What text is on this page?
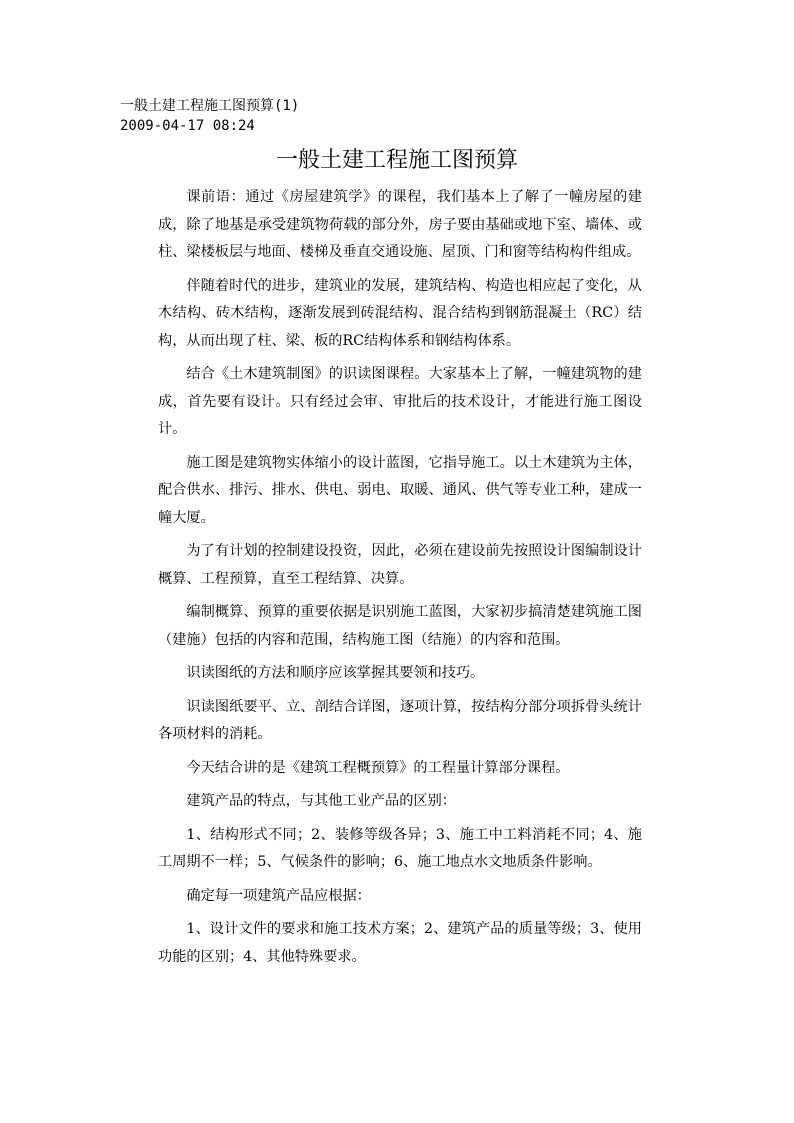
一般土建工程施工图预算(1)
2009-04-17 08:24
一般土建工程施工图预算

课前语：通过《房屋建筑学》的课程，我们基本上了解了一幢房屋的建成，除了地基是承受建筑物荷载的部分外，房子要由基础或地下室、墙体、或柱、梁楼板层与地面、楼梯及垂直交通设施、屋顶、门和窗等结构构件组成。

伴随着时代的进步，建筑业的发展，建筑结构、构造也相应起了变化，从木结构、砖木结构，逐渐发展到砖混结构、混合结构到钢筋混凝土（RC）结构，从而出现了柱、梁、板的RC结构体系和钢结构体系。

结合《土木建筑制图》的识读图课程。大家基本上了解，一幢建筑物的建成，首先要有设计。只有经过会审、审批后的技术设计，才能进行施工图设计。

施工图是建筑物实体缩小的设计蓝图，它指导施工。以土木建筑为主体，配合供水、排污、排水、供电、弱电、取暖、通风、供气等专业工种，建成一幢大厦。

为了有计划的控制建设投资，因此，必须在建设前先按照设计图编制设计概算、工程预算，直至工程结算、决算。

编制概算、预算的重要依据是识别施工蓝图，大家初步搞清楚建筑施工图（建施）包括的内容和范围，结构施工图（结施）的内容和范围。

识读图纸的方法和顺序应该掌握其要领和技巧。

识读图纸要平、立、剖结合详图，逐项计算，按结构分部分项拆骨头统计各项材料的消耗。

今天结合讲的是《建筑工程概预算》的工程量计算部分课程。

建筑产品的特点，与其他工业产品的区别：

1、结构形式不同；2、装修等级各异；3、施工中工料消耗不同；4、施工周期不一样；5、气候条件的影响；6、施工地点水文地质条件影响。

确定每一项建筑产品应根据：

1、设计文件的要求和施工技术方案；2、建筑产品的质量等级；3、使用功能的区别；4、其他特殊要求。
